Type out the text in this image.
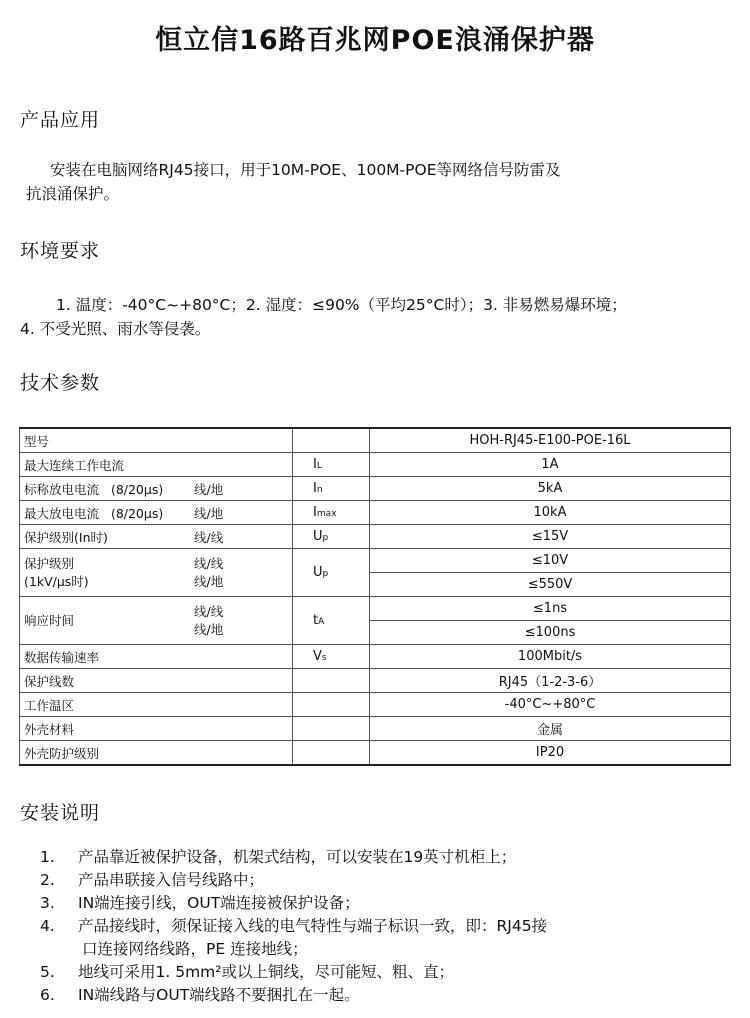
恒立信16路百兆网POE浪涌保护器
产品应用
安装在电脑网络RJ45接口，用于10M-POE、100M-POE等网络信号防雷及
抗浪涌保护。
环境要求
1. 温度：-40°C~+80°C；2. 湿度：≤90%（平均25°C时）；3. 非易燃易爆环境；
4. 不受光照、雨水等侵袭。
技术参数
型号		HOH-RJ45-E100-POE-16L
最大连续工作电流	IL	1A
标称放电电流 (8/20μs) 线/地	In	5kA
最大放电电流 (8/20μs) 线/地	Imax	10kA
保护级别(In时) 线/线	Up	≤15V

保护级别
(1kV/μs时)
线/线
线/地	Up	≤10V
		≤550V
响应时间
线/线
线/地	tA	≤1ns
		≤100ns
数据传输速率	Vs	100Mbit/s
保护线数		RJ45（1-2-3-6）
工作温区		-40°C~+80°C
外壳材料		金属
外壳防护级别		IP20
安装说明
1.	产品靠近被保护设备，机架式结构，可以安装在19英寸机柜上；
2.	产品串联接入信号线路中；
3.	IN端连接引线，OUT端连接被保护设备；
4.	产品接线时，须保证接入线的电气特性与端子标识一致，即：RJ45接
口连接网络线路，PE 连接地线；
5.	地线可采用1. 5mm²或以上铜线，尽可能短、粗、直；
6.	IN端线路与OUT端线路不要捆扎在一起。
